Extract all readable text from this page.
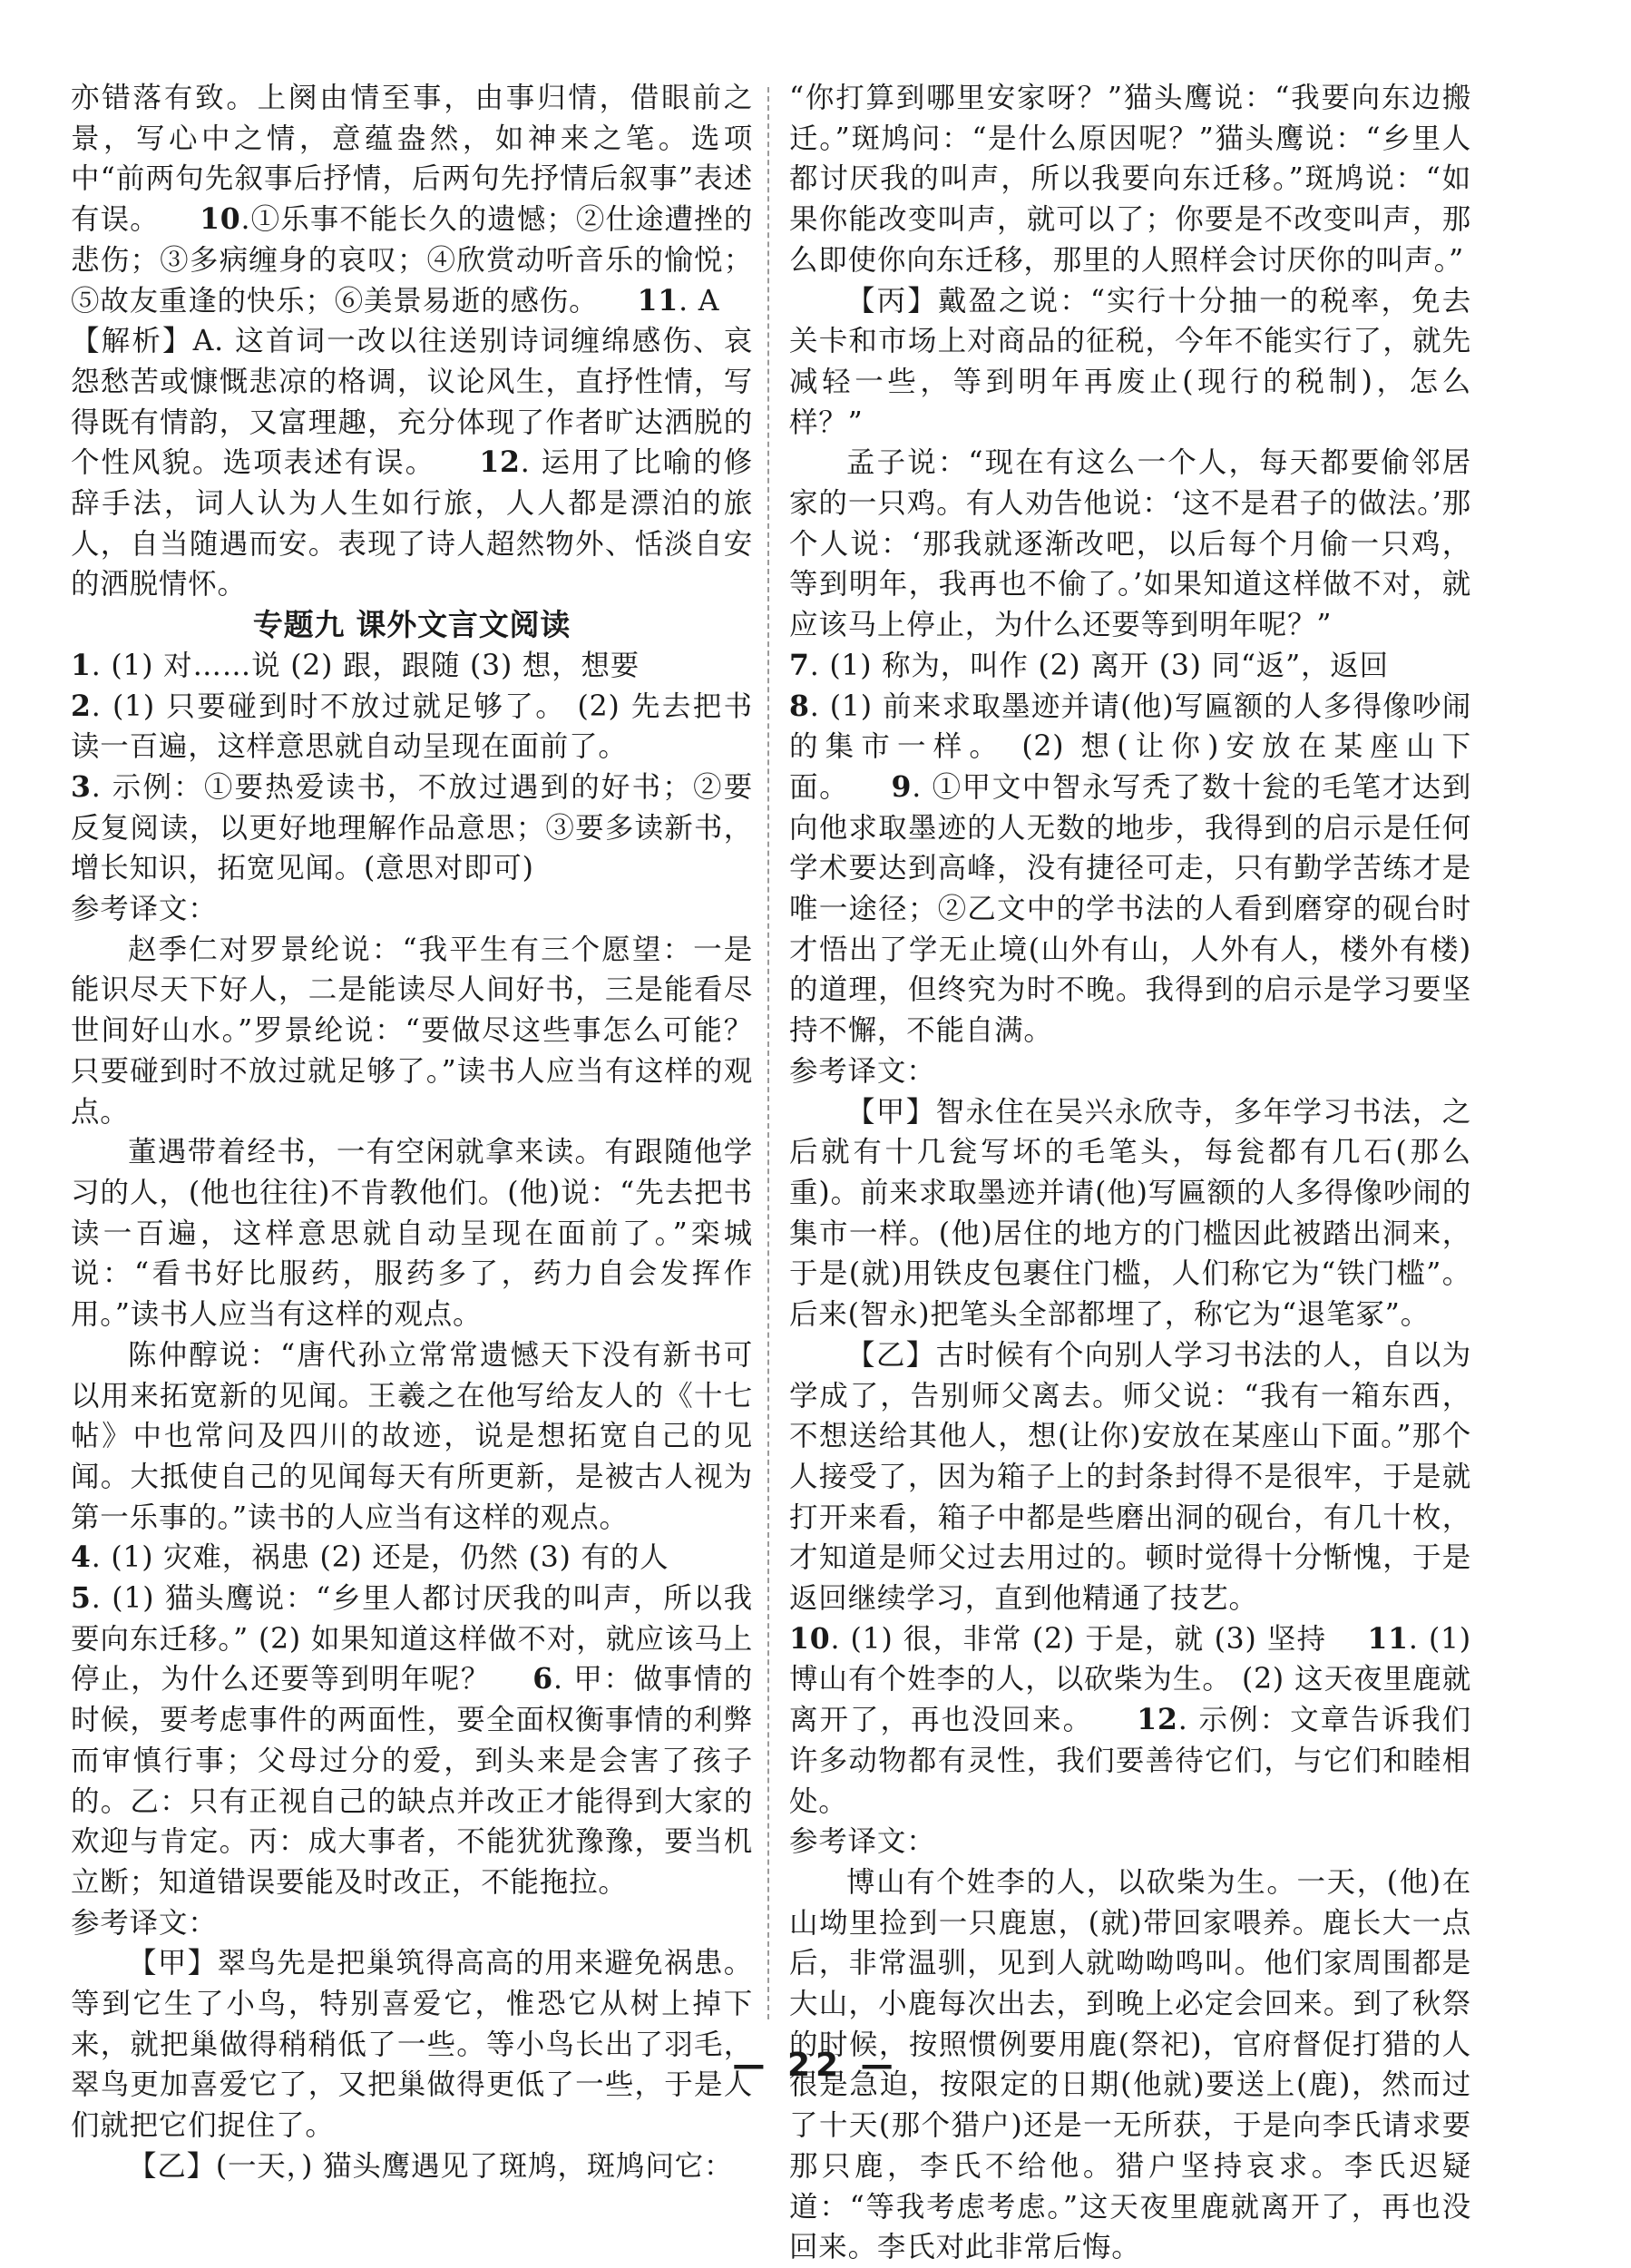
亦错落有致。上阕由情至事，由事归情，借眼前之景，写心中之情，意蕴盎然，如神来之笔。选项中“前两句先叙事后抒情，后两句先抒情后叙事”表述有误。 10.①乐事不能长久的遗憾；②仕途遭挫的悲伤；③多病缠身的哀叹；④欣赏动听音乐的愉悦；⑤故友重逢的快乐；⑥美景易逝的感伤。 11. A

【解析】A. 这首词一改以往送别诗词缠绵感伤、哀怨愁苦或慷慨悲凉的格调，议论风生，直抒性情，写得既有情韵，又富理趣，充分体现了作者旷达洒脱的个性风貌。选项表述有误。 12. 运用了比喻的修辞手法，词人认为人生如行旅，人人都是漂泊的旅人，自当随遇而安。表现了诗人超然物外、恬淡自安的洒脱情怀。

专题九 课外文言文阅读

1. (1) 对……说 (2) 跟，跟随 (3) 想，想要

2. (1) 只要碰到时不放过就足够了。 (2) 先去把书读一百遍，这样意思就自动呈现在面前了。

3. 示例：①要热爱读书，不放过遇到的好书；②要反复阅读，以更好地理解作品意思；③要多读新书，增长知识，拓宽见闻。(意思对即可)

参考译文：

赵季仁对罗景纶说：“我平生有三个愿望：一是能识尽天下好人，二是能读尽人间好书，三是能看尽世间好山水。”罗景纶说：“要做尽这些事怎么可能？只要碰到时不放过就足够了。”读书人应当有这样的观点。

董遇带着经书，一有空闲就拿来读。有跟随他学习的人，(他也往往)不肯教他们。(他)说：“先去把书读一百遍，这样意思就自动呈现在面前了。”栾城说：“看书好比服药，服药多了，药力自会发挥作用。”读书人应当有这样的观点。

陈仲醇说：“唐代孙立常常遗憾天下没有新书可以用来拓宽新的见闻。王羲之在他写给友人的《十七帖》中也常问及四川的故迹，说是想拓宽自己的见闻。大抵使自己的见闻每天有所更新，是被古人视为第一乐事的。”读书的人应当有这样的观点。

4. (1) 灾难，祸患 (2) 还是，仍然 (3) 有的人

5. (1) 猫头鹰说：“乡里人都讨厌我的叫声，所以我要向东迁移。” (2) 如果知道这样做不对，就应该马上停止，为什么还要等到明年呢？ 6. 甲：做事情的时候，要考虑事件的两面性，要全面权衡事情的利弊而审慎行事；父母过分的爱，到头来是会害了孩子的。乙：只有正视自己的缺点并改正才能得到大家的欢迎与肯定。丙：成大事者，不能犹犹豫豫，要当机立断；知道错误要能及时改正，不能拖拉。

参考译文：

【甲】翠鸟先是把巢筑得高高的用来避免祸患。等到它生了小鸟，特别喜爱它，惟恐它从树上掉下来，就把巢做得稍稍低了一些。等小鸟长出了羽毛，翠鸟更加喜爱它了，又把巢做得更低了一些，于是人们就把它们捉住了。

【乙】(一天，) 猫头鹰遇见了斑鸠，斑鸠问它：

“你打算到哪里安家呀？”猫头鹰说：“我要向东边搬迁。”斑鸠问：“是什么原因呢？”猫头鹰说：“乡里人都讨厌我的叫声，所以我要向东迁移。”斑鸠说：“如果你能改变叫声，就可以了；你要是不改变叫声，那么即使你向东迁移，那里的人照样会讨厌你的叫声。”

【丙】戴盈之说：“实行十分抽一的税率，免去关卡和市场上对商品的征税，今年不能实行了，就先减轻一些，等到明年再废止(现行的税制)，怎么样？”

孟子说：“现在有这么一个人，每天都要偷邻居家的一只鸡。有人劝告他说：‘这不是君子的做法。’那个人说：‘那我就逐渐改吧，以后每个月偷一只鸡，等到明年，我再也不偷了。’如果知道这样做不对，就应该马上停止，为什么还要等到明年呢？”

7. (1) 称为，叫作 (2) 离开 (3) 同“返”，返回

8. (1) 前来求取墨迹并请(他)写匾额的人多得像吵闹的集市一样。 (2) 想(让你)安放在某座山下面。 9. ①甲文中智永写秃了数十瓮的毛笔才达到向他求取墨迹的人无数的地步，我得到的启示是任何学术要达到高峰，没有捷径可走，只有勤学苦练才是唯一途径；②乙文中的学书法的人看到磨穿的砚台时才悟出了学无止境(山外有山，人外有人，楼外有楼)的道理，但终究为时不晚。我得到的启示是学习要坚持不懈，不能自满。

参考译文：

【甲】智永住在吴兴永欣寺，多年学习书法，之后就有十几瓮写坏的毛笔头，每瓮都有几石(那么重)。前来求取墨迹并请(他)写匾额的人多得像吵闹的集市一样。(他)居住的地方的门槛因此被踏出洞来，于是(就)用铁皮包裹住门槛，人们称它为“铁门槛”。后来(智永)把笔头全部都埋了，称它为“退笔冢”。

【乙】古时候有个向别人学习书法的人，自以为学成了，告别师父离去。师父说：“我有一箱东西，不想送给其他人，想(让你)安放在某座山下面。”那个人接受了，因为箱子上的封条封得不是很牢，于是就打开来看，箱子中都是些磨出洞的砚台，有几十枚，才知道是师父过去用过的。顿时觉得十分惭愧，于是返回继续学习，直到他精通了技艺。

10. (1) 很，非常 (2) 于是，就 (3) 坚持 11. (1) 博山有个姓李的人，以砍柴为生。 (2) 这天夜里鹿就离开了，再也没回来。 12. 示例：文章告诉我们许多动物都有灵性，我们要善待它们，与它们和睦相处。

参考译文：

博山有个姓李的人，以砍柴为生。一天，(他)在山坳里捡到一只鹿崽，(就)带回家喂养。鹿长大一点后，非常温驯，见到人就呦呦鸣叫。他们家周围都是大山，小鹿每次出去，到晚上必定会回来。到了秋祭的时候，按照惯例要用鹿(祭祀)，官府督促打猎的人很是急迫，按限定的日期(他就)要送上(鹿)，然而过了十天(那个猎户)还是一无所获，于是向李氏请求要那只鹿，李氏不给他。猎户坚持哀求。李氏迟疑道：“等我考虑考虑。”这天夜里鹿就离开了，再也没回来。李氏对此非常后悔。

— 22 —
